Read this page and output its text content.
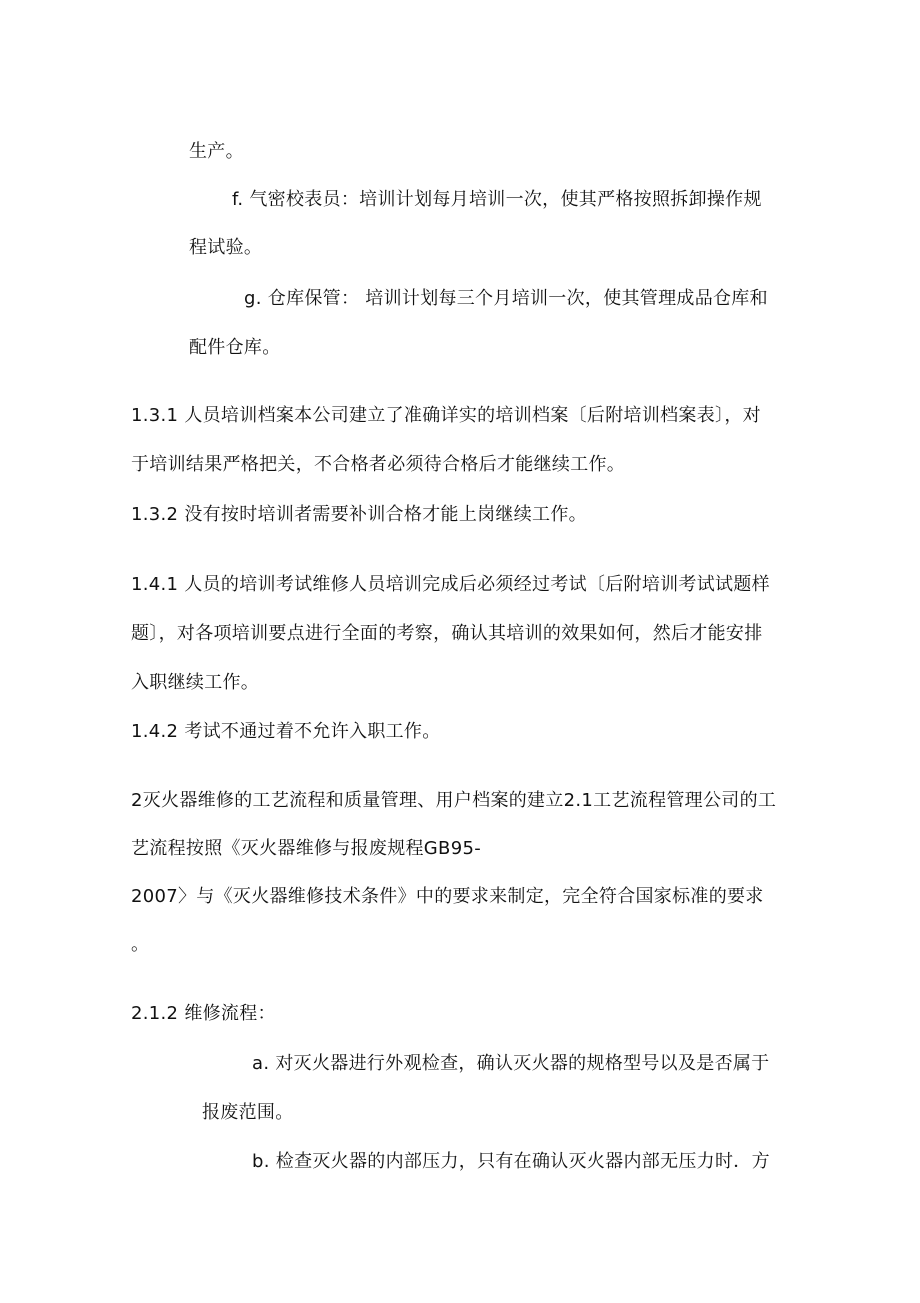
生产。
f. 气密校表员：培训计划每月培训一次，使其严格按照拆卸操作规
程试验。
g. 仓库保管： 培训计划每三个月培训一次，使其管理成品仓库和
配件仓库。
1.3.1 人员培训档案本公司建立了准确详实的培训档案〔后附培训档案表〕，对
于培训结果严格把关，不合格者必须待合格后才能继续工作。
1.3.2 没有按时培训者需要补训合格才能上岗继续工作。
1.4.1 人员的培训考试维修人员培训完成后必须经过考试〔后附培训考试试题样
题〕，对各项培训要点进行全面的考察，确认其培训的效果如何，然后才能安排
入职继续工作。
1.4.2 考试不通过着不允许入职工作。
2灭火器维修的工艺流程和质量管理、用户档案的建立2.1工艺流程管理公司的工
艺流程按照《灭火器维修与报废规程GB95-
2007〉与《灭火器维修技术条件》中的要求来制定，完全符合国家标准的要求
。
2.1.2 维修流程：
a. 对灭火器进行外观检查，确认灭火器的规格型号以及是否属于
报废范围。
b. 检查灭火器的内部压力，只有在确认灭火器内部无压力时．方
